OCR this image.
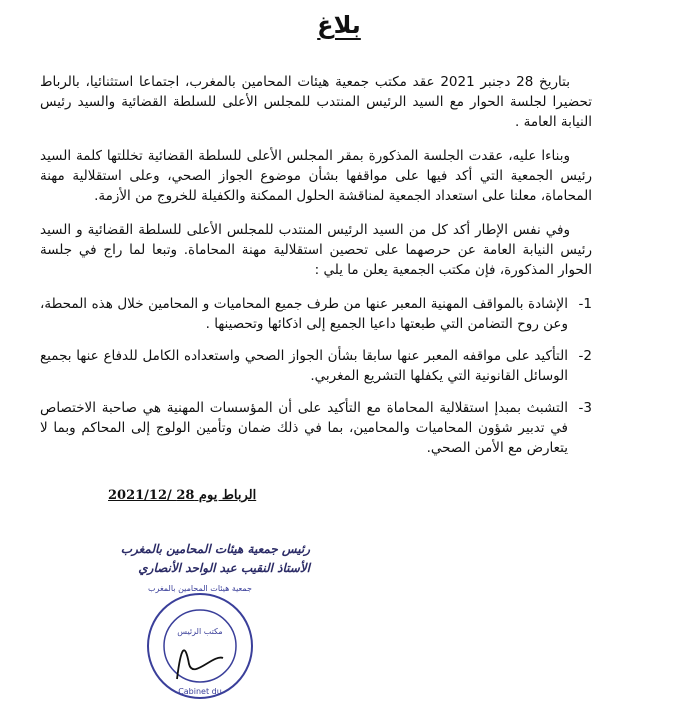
بلاغ

بتاريخ 28 دجنبر 2021 عقد مكتب جمعية هيئات المحامين بالمغرب، اجتماعا استثنائيا، بالرباط تحضيرا لجلسة الحوار مع السيد الرئيس المنتدب للمجلس الأعلى للسلطة القضائية والسيد رئيس النيابة العامة .

وبناءا عليه، عقدت الجلسة المذكورة بمقر المجلس الأعلى للسلطة القضائية تخللتها كلمة السيد رئيس الجمعية التي أكد فيها على مواقفها بشأن موضوع الجواز الصحي، وعلى استقلالية مهنة المحاماة، معلنا على استعداد الجمعية لمناقشة الحلول الممكنة والكفيلة للخروج من الأزمة.

وفي نفس الإطار أكد كل من السيد الرئيس المنتدب للمجلس الأعلى للسلطة القضائية و السيد رئيس النيابة العامة عن حرصهما على تحصين استقلالية مهنة المحاماة. وتبعا لما راج في جلسة الحوار المذكورة، فإن مكتب الجمعية يعلن ما يلي :

1-
الإشادة بالمواقف المهنية المعبر عنها من طرف جميع المحاميات و المحامين خلال هذه المحطة، وعن روح التضامن التي طبعتها داعيا الجميع إلى اذكائها وتحصينها .
2-
التأكيد على مواقفه المعبر عنها سابقا بشأن الجواز الصحي واستعداده الكامل للدفاع عنها بجميع الوسائل القانونية التي يكفلها التشريع المغربي.
3-
التشبث بمبدإ استقلالية المحاماة مع التأكيد على أن المؤسسات المهنية هي صاحبة الاختصاص في تدبير شؤون المحاميات والمحامين، بما في ذلك ضمان وتأمين الولوج إلى المحاكم وبما لا يتعارض مع الأمن الصحي.
الرباط يوم 28 /2021/12
رئيس جمعية هيئات المحامين بالمغرب
الأستاذ النقيب عبد الواحد الأنصاري
جمعية هيئات المحامين بالمغرب
مكتب الرئيس
Cabinet du
